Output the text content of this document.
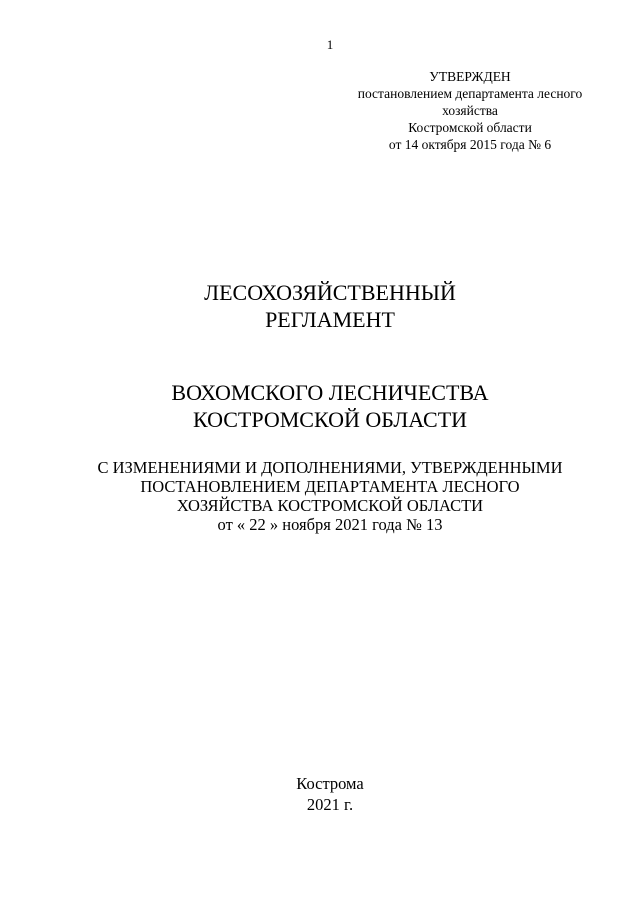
1
УТВЕРЖДЕН
постановлением департамента лесного
хозяйства
Костромской области
от 14 октября 2015 года № 6
ЛЕСОХОЗЯЙСТВЕННЫЙ
РЕГЛАМЕНТ
ВОХОМСКОГО ЛЕСНИЧЕСТВА
КОСТРОМСКОЙ ОБЛАСТИ
С ИЗМЕНЕНИЯМИ И ДОПОЛНЕНИЯМИ, УТВЕРЖДЕННЫМИ
ПОСТАНОВЛЕНИЕМ ДЕПАРТАМЕНТА ЛЕСНОГО
ХОЗЯЙСТВА КОСТРОМСКОЙ ОБЛАСТИ
от « 22 » ноября 2021 года № 13
Кострома
2021 г.
